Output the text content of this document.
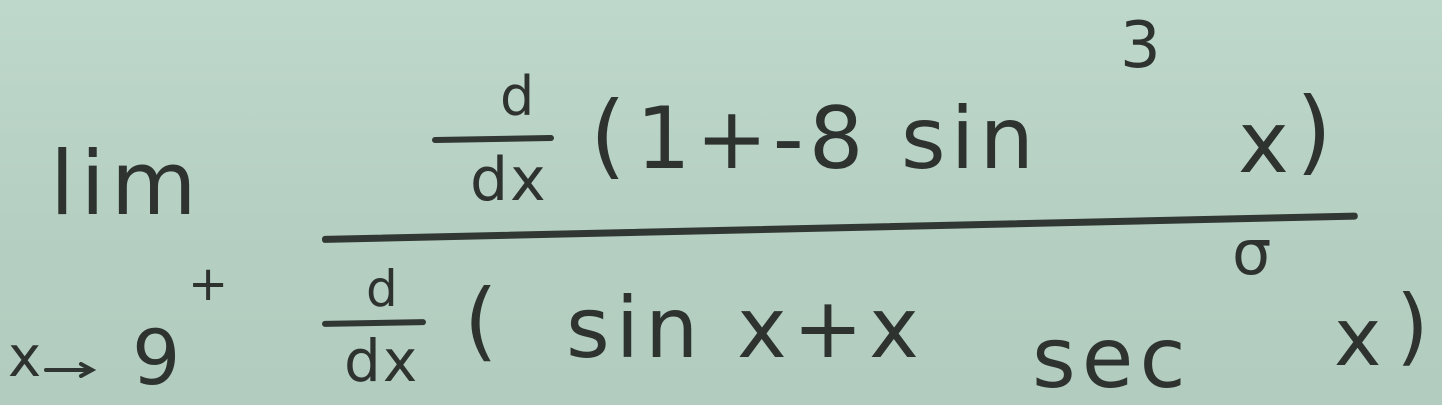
lim
x 9
+
d
dx ( 1+-8 sin
3
x )
d
dx ( sin x+x sec
σ
x )
